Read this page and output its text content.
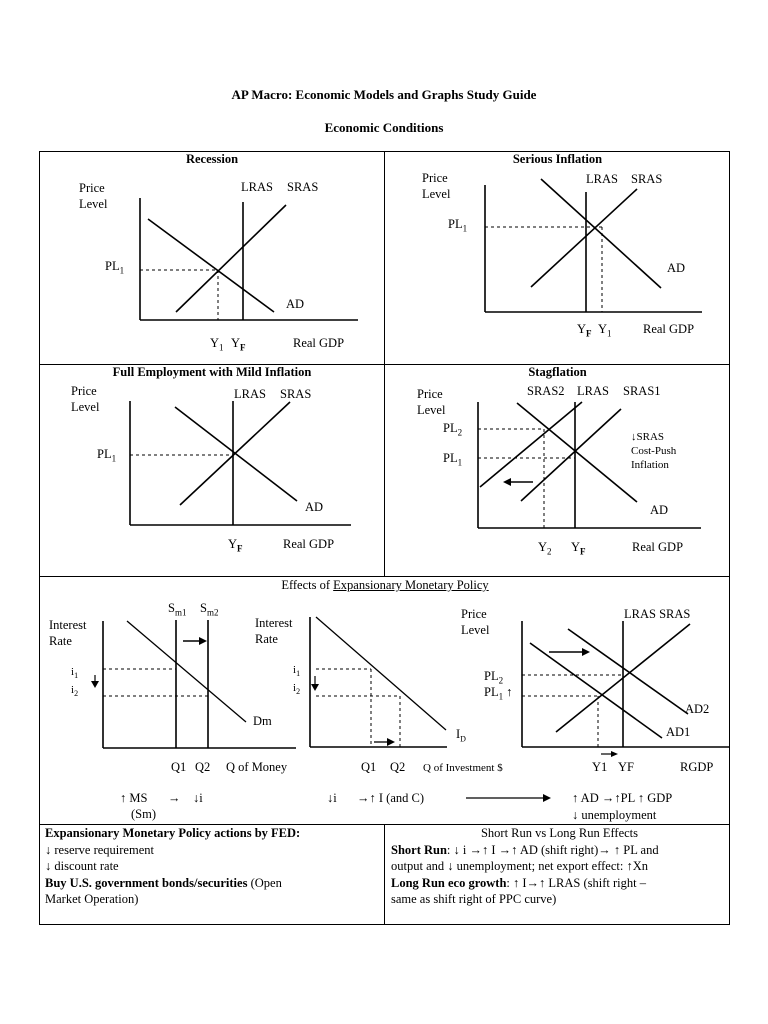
AP Macro: Economic Models and Graphs Study Guide
Economic Conditions
Recession
Price
Level
LRAS SRAS
AD
$PL_1$
$Y_1$ $Y_F$	Real GDP
Serious Inflation
Price
Level
LRAS SRAS
AD
$PL_1$
$Y_F$ $Y_1$	Real GDP
Full Employment with Mild Inflation
Price
Level
LRAS SRAS
AD
$PL_1$
$Y_F$	Real GDP
Stagflation
Price
Level
SRAS2 LRAS SRAS1
$PL_2$
$PL_1$
↓SRAS
Cost-Push
Inflation
AD
$Y_2$ $Y_F$	Real GDP
Effects of Expansionary Monetary Policy
Interest
Rate
$S_{m1}$ $S_{m2}$
$i_1$
$i_2$
Dm
Q1 Q2 Q of Money
Interest
Rate
$i_1$
$i_2$
$I_D$
Q1 Q2 Q of Investment $
Price
Level
LRAS SRAS
$PL_2$
$PL_1$ ↑
AD2
AD1
Y1 YF	RGDP
↑ MS → ↓i
(Sm)
↓i →↑ I (and C)	↑ AD →↑PL ↑ GDP
↓ unemployment
Expansionary Monetary Policy actions by FED:
↓ reserve requirement
↓ discount rate
Buy U.S. government bonds/securities (Open
Market Operation)
Short Run vs Long Run Effects
Short Run: ↓ i →↑ I →↑ AD (shift right)→ ↑ PL and
output and ↓ unemployment; net export effect: ↑Xn
Long Run eco growth: ↑ I→↑ LRAS (shift right –
same as shift right of PPC curve)
